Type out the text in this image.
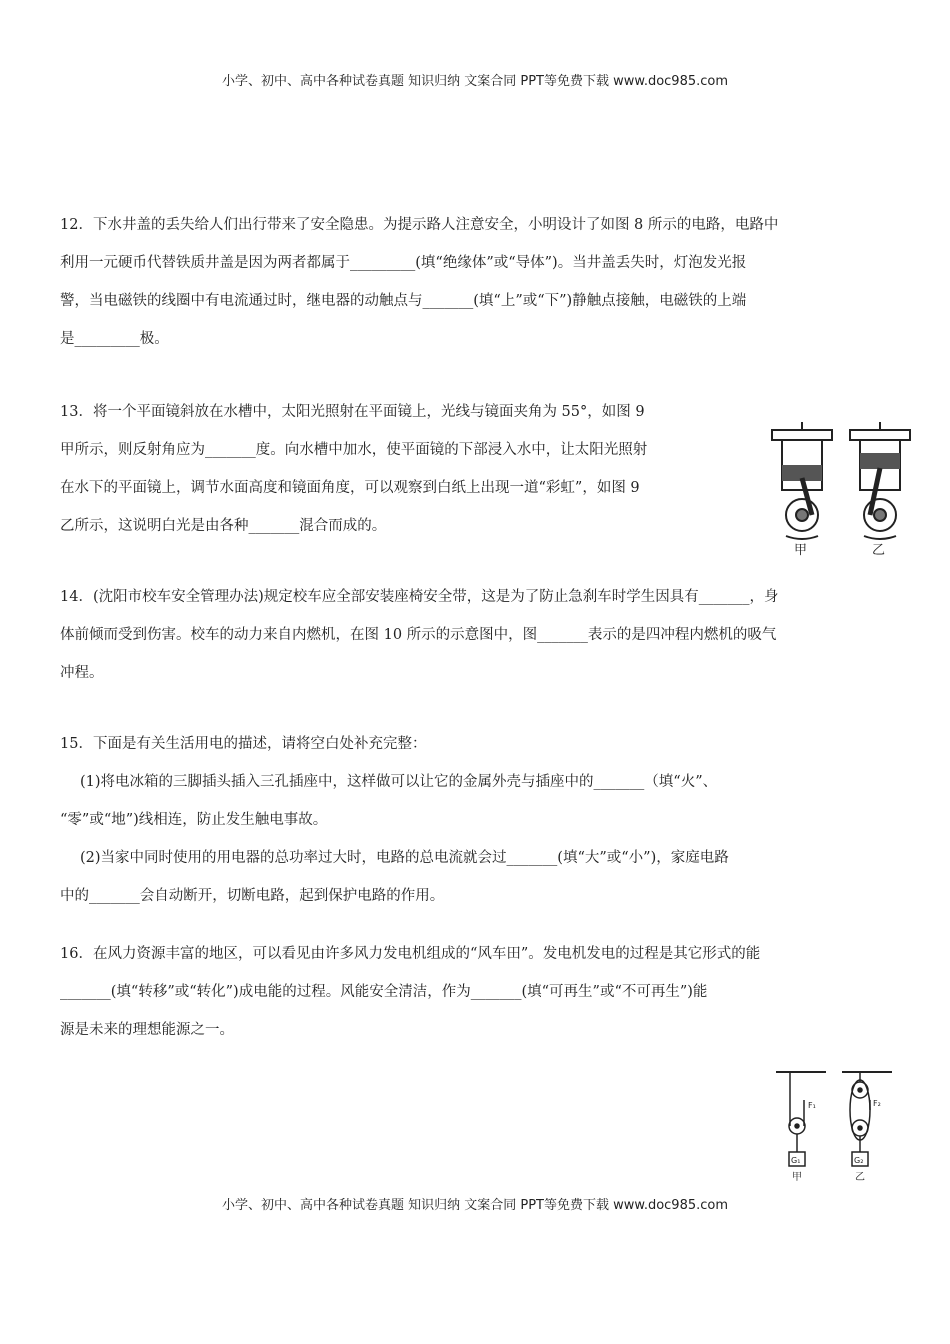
小学、初中、高中各种试卷真题 知识归纳 文案合同 PPT等免费下载 www.doc985.com
12．下水井盖的丢失给人们出行带来了安全隐患。为提示路人注意安全，小明设计了如图 8 所示的电路，电路中
利用一元硬币代替铁质井盖是因为两者都属于_________(填“绝缘体”或“导体”)。当井盖丢失时，灯泡发光报
警，当电磁铁的线圈中有电流通过时，继电器的动触点与_______(填“上”或“下”)静触点接触，电磁铁的上端
是_________极。
13．将一个平面镜斜放在水槽中，太阳光照射在平面镜上，光线与镜面夹角为 55°，如图 9
甲所示，则反射角应为_______度。向水槽中加水，使平面镜的下部浸入水中，让太阳光照射
在水下的平面镜上，调节水面高度和镜面角度，可以观察到白纸上出现一道“彩虹”，如图 9
乙所示，这说明白光是由各种_______混合而成的。
甲	乙
14．(沈阳市校车安全管理办法)规定校车应全部安装座椅安全带，这是为了防止急刹车时学生因具有_______，身
体前倾而受到伤害。校车的动力来自内燃机，在图 10 所示的示意图中，图_______表示的是四冲程内燃机的吸气
冲程。
15．下面是有关生活用电的描述，请将空白处补充完整：
(1)将电冰箱的三脚插头插入三孔插座中，这样做可以让它的金属外壳与插座中的_______（填“火”、
“零”或“地”)线相连，防止发生触电事故。
(2)当家中同时使用的用电器的总功率过大时，电路的总电流就会过_______(填“大”或“小”)，家庭电路
中的_______会自动断开，切断电路，起到保护电路的作用。
16．在风力资源丰富的地区，可以看见由许多风力发电机组成的“风车田”。发电机发电的过程是其它形式的能
_______(填“转移”或“转化”)成电能的过程。风能安全清洁，作为_______(填“可再生”或“不可再生”)能
源是未来的理想能源之一。
F₁	F₂
G₁	G₂
甲	乙
小学、初中、高中各种试卷真题 知识归纳 文案合同 PPT等免费下载 www.doc985.com
